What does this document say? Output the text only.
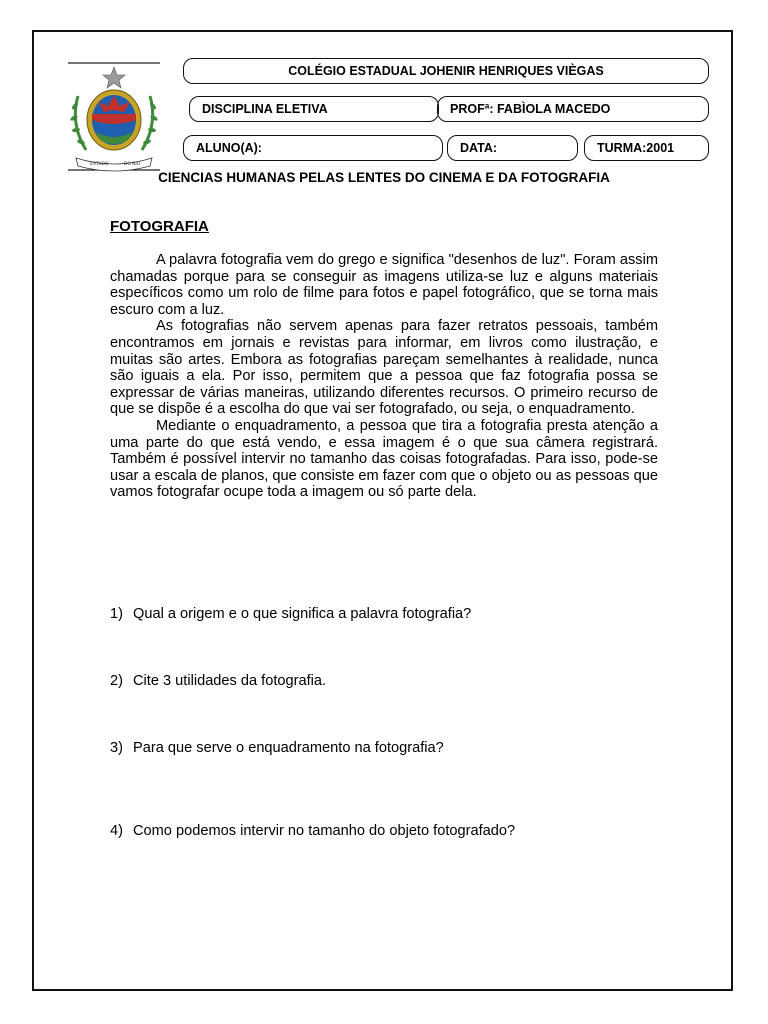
ESTADO	DO RIO
COLÉGIO ESTADUAL JOHENIR HENRIQUES VIÈGAS
DISCIPLINA ELETIVA	PROFª: FABÌOLA MACEDO
ALUNO(A):	DATA:	TURMA:2001
CIENCIAS HUMANAS PELAS LENTES DO CINEMA E DA FOTOGRAFIA
FOTOGRAFIA

A palavra fotografia vem do grego e significa "desenhos de luz". Foram assim chamadas porque para se conseguir as imagens utiliza-se luz e alguns materiais específicos como um rolo de filme para fotos e papel fotográfico, que se torna mais escuro com a luz.

As fotografias não servem apenas para fazer retratos pessoais, também encontramos em jornais e revistas para informar, em livros como ilustração, e muitas são artes. Embora as fotografias pareçam semelhantes à realidade, nunca são iguais a ela. Por isso, permitem que a pessoa que faz fotografia possa se expressar de várias maneiras, utilizando diferentes recursos. O primeiro recurso de que se dispõe é a escolha do que vai ser fotografado, ou seja, o enquadramento.

Mediante o enquadramento, a pessoa que tira a fotografia presta atenção a uma parte do que está vendo, e essa imagem é o que sua câmera registrará. Também é possível intervir no tamanho das coisas fotografadas. Para isso, pode-se usar a escala de planos, que consiste em fazer com que o objeto ou as pessoas que vamos fotografar ocupe toda a imagem ou só parte dela.

1) Qual a origem e o que significa a palavra fotografia?
2) Cite 3 utilidades da fotografia.
3) Para que serve o enquadramento na fotografia?
4) Como podemos intervir no tamanho do objeto fotografado?
